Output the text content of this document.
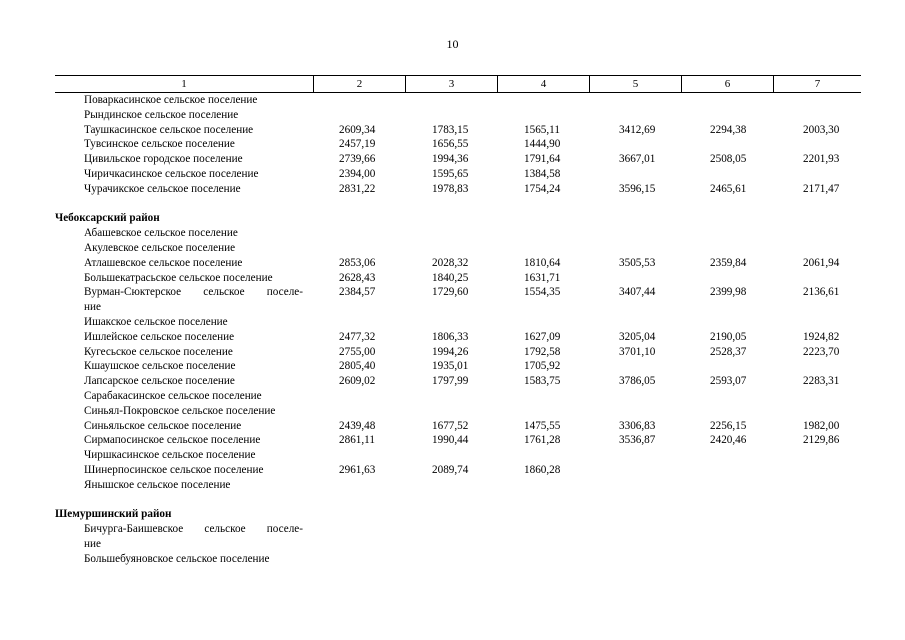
10
1	2	3	4	5	6	7
Поваркасинское сельское поселение
Рындинское сельское поселение
Таушкасинское сельское поселение	2609,34	1783,15	1565,11	3412,69	2294,38	2003,30
Тувсинское сельское поселение	2457,19	1656,55	1444,90
Цивильское городское поселение	2739,66	1994,36	1791,64	3667,01	2508,05	2201,93
Чиричкасинское сельское поселение	2394,00	1595,65	1384,58
Чурачикское сельское поселение	2831,22	1978,83	1754,24	3596,15	2465,61	2171,47
Чебоксарский район
Абашевское сельское поселение
Акулевское сельское поселение
Атлашевское сельское поселение	2853,06	2028,32	1810,64	3505,53	2359,84	2061,94
Большекатрасьское сельское поселение	2628,43	1840,25	1631,71
Вурман-Сюктерское сельское поселе-	2384,57	1729,60	1554,35	3407,44	2399,98	2136,61
ние
Ишакское сельское поселение
Ишлейское сельское поселение	2477,32	1806,33	1627,09	3205,04	2190,05	1924,82
Кугесьское сельское поселение	2755,00	1994,26	1792,58	3701,10	2528,37	2223,70
Кшаушское сельское поселение	2805,40	1935,01	1705,92
Лапсарское сельское поселение	2609,02	1797,99	1583,75	3786,05	2593,07	2283,31
Сарабакасинское сельское поселение
Синьял-Покровское сельское поселение
Синьяльское сельское поселение	2439,48	1677,52	1475,55	3306,83	2256,15	1982,00
Сирмапосинское сельское поселение	2861,11	1990,44	1761,28	3536,87	2420,46	2129,86
Чиршкасинское сельское поселение
Шинерпосинское сельское поселение	2961,63	2089,74	1860,28
Янышское сельское поселение
Шемуршинский район
Бичурга-Баишевское сельское поселе-
ние
Большебуяновское сельское поселение
